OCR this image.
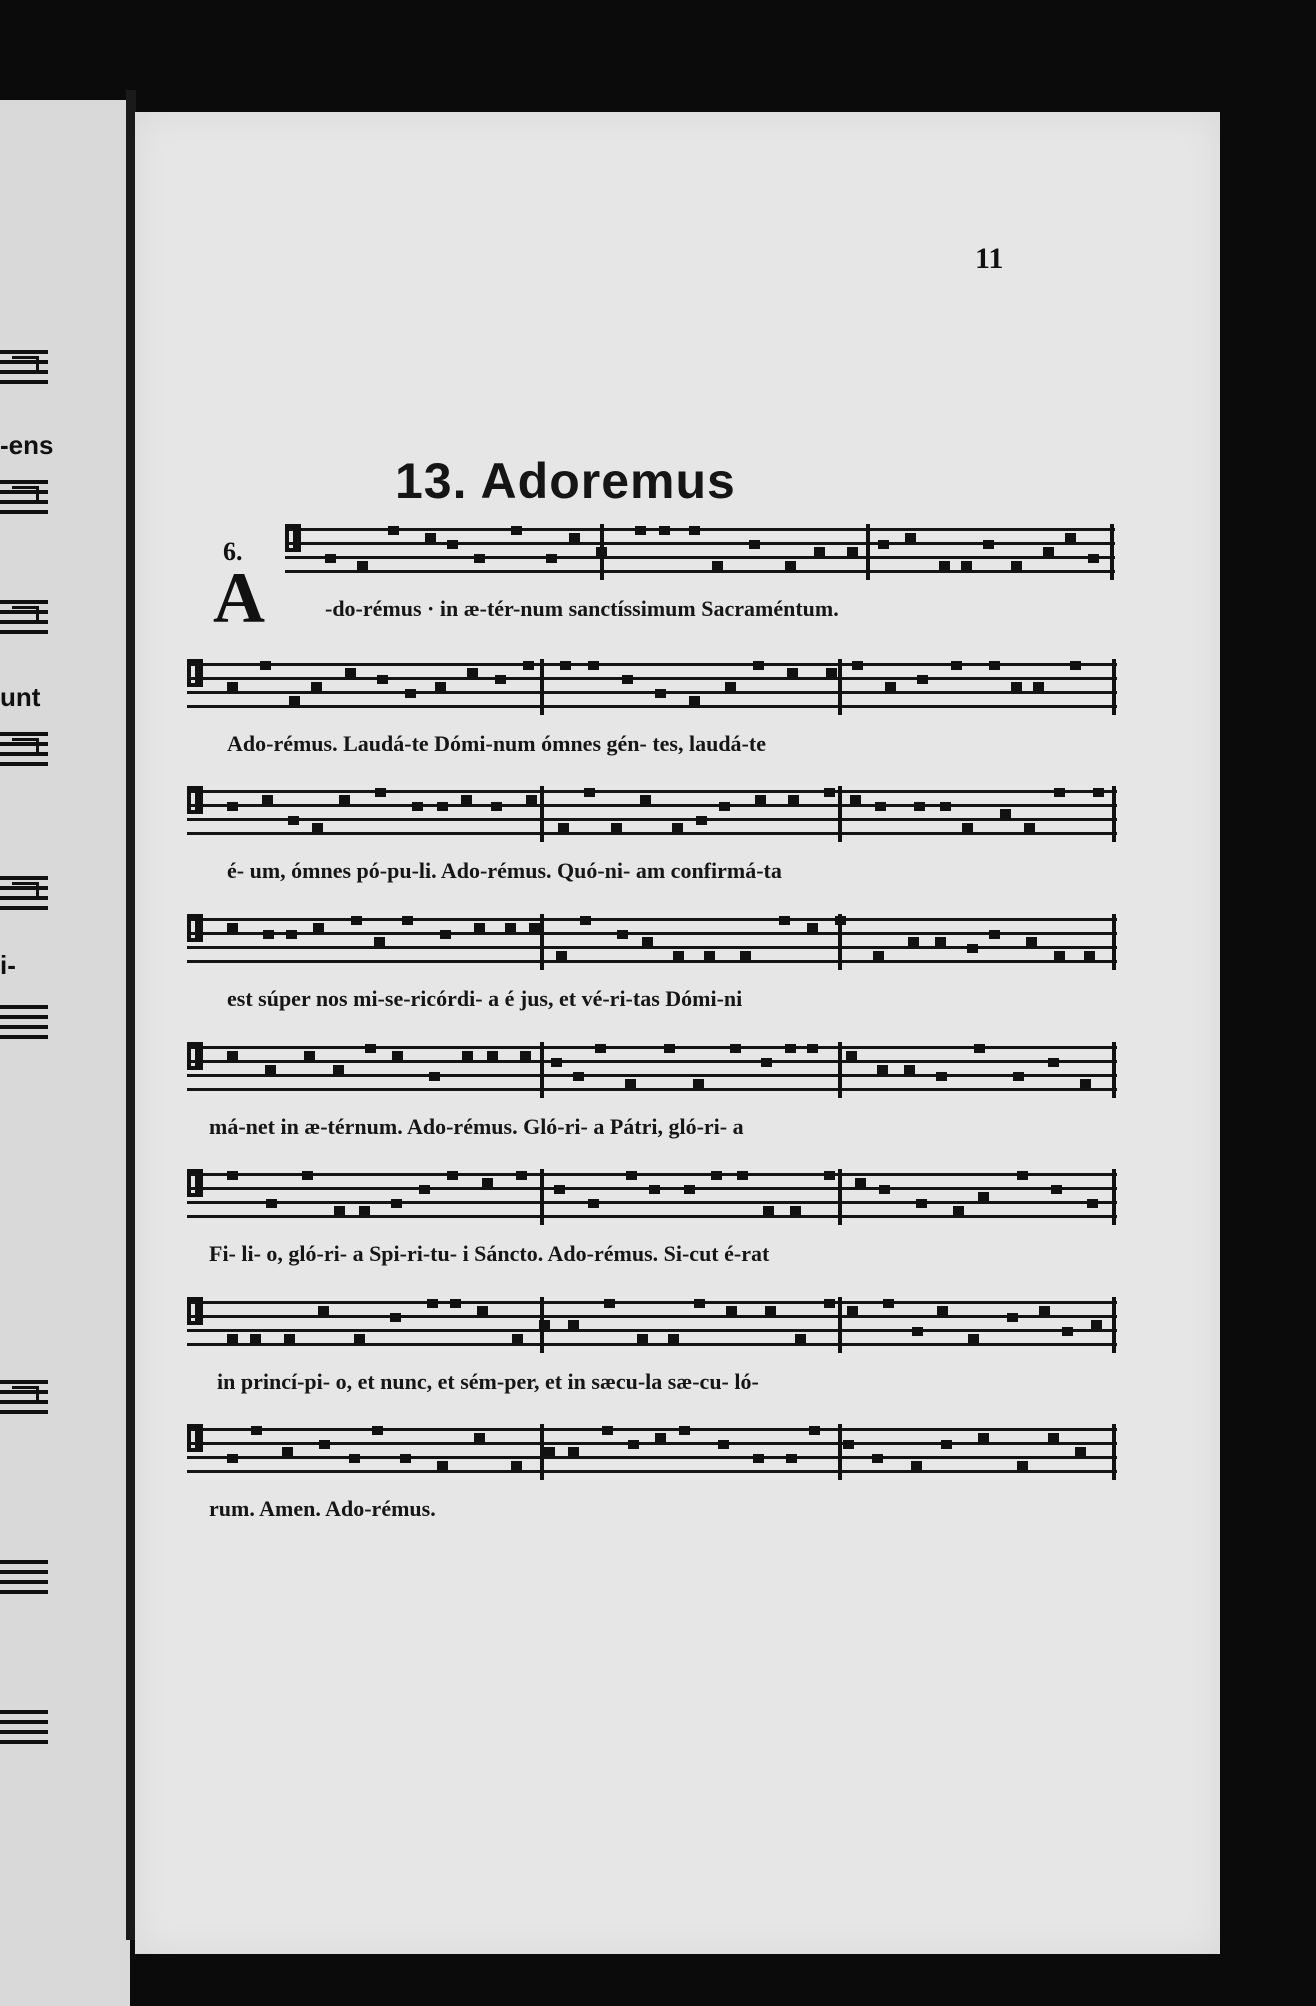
-ens
unt
i-
11
13. Adoremus
6.
A	-do-rémus · in æ-tér-num sanctíssimum Sacraméntum.

Ado-rémus. Laudá-te Dómi-num ómnes gén- tes, laudá-te

é- um, ómnes pó-pu-li. Ado-rémus. Quó-ni- am confirmá-ta

est súper nos mi-se-ricórdi- a é jus, et vé-ri-tas Dómi-ni

má-net in æ-térnum. Ado-rémus. Gló-ri- a Pátri, gló-ri- a

Fi- li- o, gló-ri- a Spi-ri-tu- i Sáncto. Ado-rémus. Si-cut é-rat

in princí-pi- o, et nunc, et sém-per, et in sæcu-la sæ-cu- ló-

rum. Amen. Ado-rémus.
